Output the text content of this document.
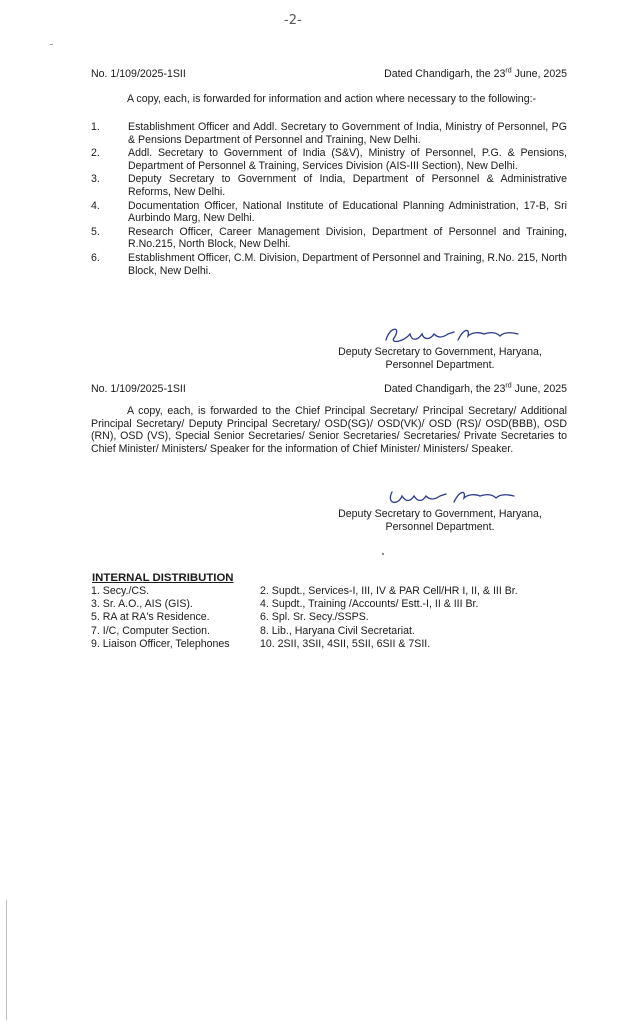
-2-
No. 1/109/2025-1SII	Dated Chandigarh, the 23rd June, 2025
A copy, each, is forwarded for information and action where necessary to the following:-
1.	Establishment Officer and Addl. Secretary to Government of India, Ministry of Personnel, PG & Pensions Department of Personnel and Training, New Delhi.
2.	Addl. Secretary to Government of India (S&V), Ministry of Personnel, P.G. & Pensions, Department of Personnel & Training, Services Division (AIS-III Section), New Delhi.
3.	Deputy Secretary to Government of India, Department of Personnel & Administrative Reforms, New Delhi.
4.	Documentation Officer, National Institute of Educational Planning Administration, 17-B, Sri Aurbindo Marg, New Delhi.
5.	Research Officer, Career Management Division, Department of Personnel and Training, R.No.215, North Block, New Delhi.
6.	Establishment Officer, C.M. Division, Department of Personnel and Training, R.No. 215, North Block, New Delhi.
Deputy Secretary to Government, Haryana,
Personnel Department.
No. 1/109/2025-1SII	Dated Chandigarh, the 23rd June, 2025
A copy, each, is forwarded to the Chief Principal Secretary/ Principal Secretary/ Additional Principal Secretary/ Deputy Principal Secretary/ OSD(SG)/ OSD(VK)/ OSD (RS)/ OSD(BBB), OSD (RN), OSD (VS), Special Senior Secretaries/ Senior Secretaries/ Secretaries/ Private Secretaries to Chief Minister/ Ministers/ Speaker for the information of Chief Minister/ Ministers/ Speaker.
Deputy Secretary to Government, Haryana,
Personnel Department.
INTERNAL DISTRIBUTION
1. Secy./CS.	2. Supdt., Services-I, III, IV & PAR Cell/HR I, II, & III Br.
3. Sr. A.O., AIS (GIS).	4. Supdt., Training /Accounts/ Estt.-I, II & III Br.
5. RA at RA's Residence.	6. Spl. Sr. Secy./SSPS.
7. I/C, Computer Section.	8. Lib., Haryana Civil Secretariat.
9. Liaison Officer, Telephones	10. 2SII, 3SII, 4SII, 5SII, 6SII & 7SII.
